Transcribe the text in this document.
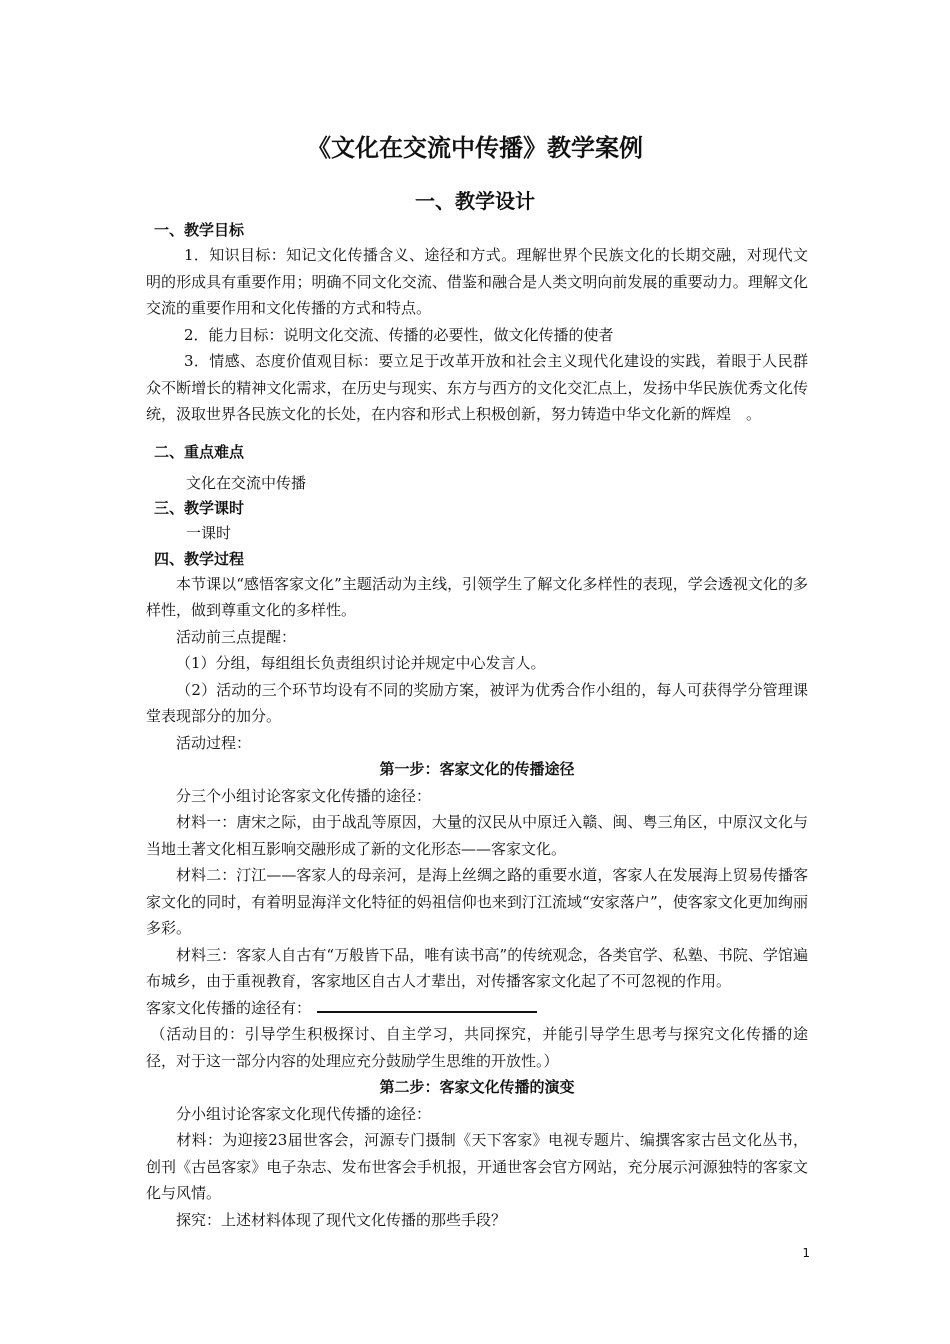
《文化在交流中传播》教学案例
一、教学设计

一、教学目标

1．知识目标：知记文化传播含义、途径和方式。理解世界个民族文化的长期交融，对现代文明的形成具有重要作用；明确不同文化交流、借鉴和融合是人类文明向前发展的重要动力。理解文化交流的重要作用和文化传播的方式和特点。

2．能力目标：说明文化交流、传播的必要性，做文化传播的使者

3．情感、态度价值观目标：要立足于改革开放和社会主义现代化建设的实践，着眼于人民群众不断增长的精神文化需求，在历史与现实、东方与西方的文化交汇点上，发扬中华民族优秀文化传统，汲取世界各民族文化的长处，在内容和形式上积极创新，努力铸造中华文化新的辉煌　。

二、重点难点

文化在交流中传播

三、教学课时

一课时

四、教学过程

本节课以“感悟客家文化”主题活动为主线，引领学生了解文化多样性的表现，学会透视文化的多样性，做到尊重文化的多样性。

活动前三点提醒：

（1）分组，每组组长负责组织讨论并规定中心发言人。

（2）活动的三个环节均设有不同的奖励方案，被评为优秀合作小组的，每人可获得学分管理课堂表现部分的加分。

活动过程：

第一步：客家文化的传播途径

分三个小组讨论客家文化传播的途径：

材料一：唐宋之际，由于战乱等原因，大量的汉民从中原迁入赣、闽、粤三角区，中原汉文化与当地土著文化相互影响交融形成了新的文化形态——客家文化。

材料二：汀江——客家人的母亲河，是海上丝绸之路的重要水道，客家人在发展海上贸易传播客家文化的同时，有着明显海洋文化特征的妈祖信仰也来到汀江流域“安家落户”，使客家文化更加绚丽多彩。

材料三：客家人自古有“万般皆下品，唯有读书高”的传统观念，各类官学、私塾、书院、学馆遍布城乡，由于重视教育，客家地区自古人才辈出，对传播客家文化起了不可忽视的作用。

客家文化传播的途径有：

（活动目的：引导学生积极探讨、自主学习，共同探究，并能引导学生思考与探究文化传播的途径，对于这一部分内容的处理应充分鼓励学生思维的开放性。）

第二步：客家文化传播的演变

分小组讨论客家文化现代传播的途径：

材料：为迎接23届世客会，河源专门摄制《天下客家》电视专题片、编撰客家古邑文化丛书，创刊《古邑客家》电子杂志、发布世客会手机报，开通世客会官方网站，充分展示河源独特的客家文化与风情。

探究：上述材料体现了现代文化传播的那些手段？

1
